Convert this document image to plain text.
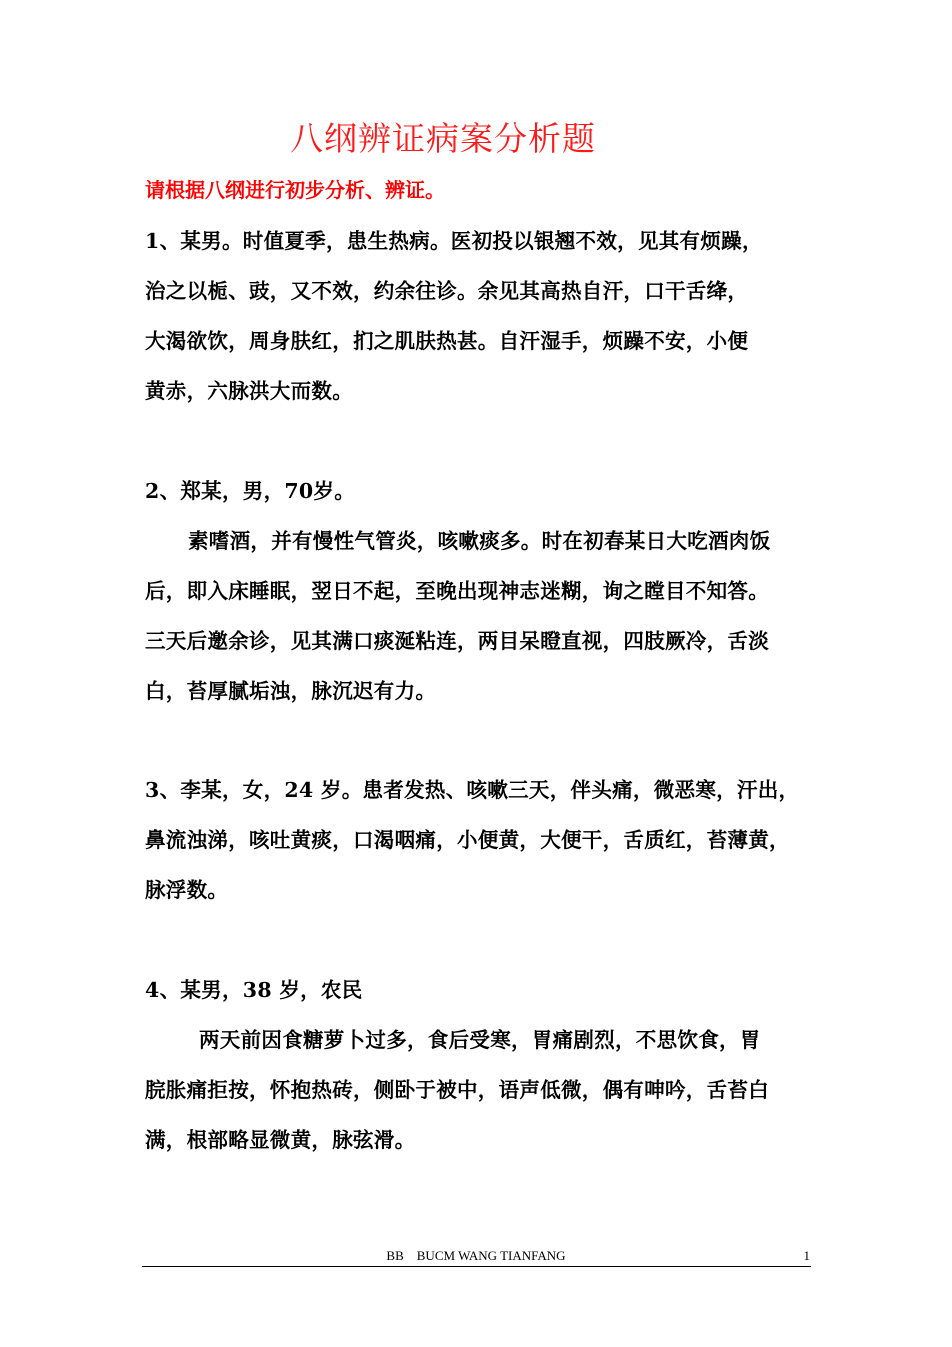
八纲辨证病案分析题
请根据八纲进行初步分析、辨证。
1、某男。时值夏季，患生热病。医初投以银翘不效，见其有烦躁，
治之以栀、豉，又不效，约余往诊。余见其高热自汗，口干舌绛，
大渴欲饮，周身肤红，扪之肌肤热甚。自汗湿手，烦躁不安，小便
黄赤，六脉洪大而数。
2、郑某，男，70岁。
素嗜酒，并有慢性气管炎，咳嗽痰多。时在初春某日大吃酒肉饭
后，即入床睡眠，翌日不起，至晚出现神志迷糊，询之瞠目不知答。
三天后邀余诊，见其满口痰涎粘连，两目呆瞪直视，四肢厥冷，舌淡
白，苔厚腻垢浊，脉沉迟有力。
3、李某，女，24 岁。患者发热、咳嗽三天，伴头痛，微恶寒，汗出，
鼻流浊涕，咳吐黄痰，口渴咽痛，小便黄，大便干，舌质红，苔薄黄，
脉浮数。
4、某男，38 岁，农民
两天前因食糖萝卜过多，食后受寒，胃痛剧烈，不思饮食，胃
脘胀痛拒按，怀抱热砖，侧卧于被中，语声低微，偶有呻吟，舌苔白
满，根部略显微黄，脉弦滑。
BB    BUCM WANG TIANFANG	1
